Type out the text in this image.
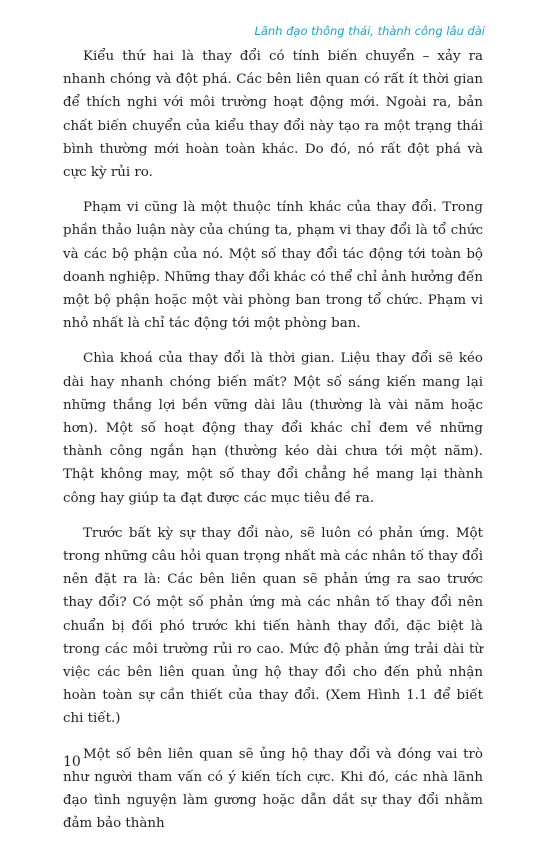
Lãnh đạo thông thái, thành công lâu dài

Kiểu thứ hai là thay đổi có tính biến chuyển – xảy ra nhanh chóng và đột phá. Các bên liên quan có rất ít thời gian để thích nghi với môi trường hoạt động mới. Ngoài ra, bản chất biến chuyển của kiểu thay đổi này tạo ra một trạng thái bình thường mới hoàn toàn khác. Do đó, nó rất đột phá và cực kỳ rủi ro.

Phạm vi cũng là một thuộc tính khác của thay đổi. Trong phần thảo luận này của chúng ta, phạm vi thay đổi là tổ chức và các bộ phận của nó. Một số thay đổi tác động tới toàn bộ doanh nghiệp. Những thay đổi khác có thể chỉ ảnh hưởng đến một bộ phận hoặc một vài phòng ban trong tổ chức. Phạm vi nhỏ nhất là chỉ tác động tới một phòng ban.

Chìa khoá của thay đổi là thời gian. Liệu thay đổi sẽ kéo dài hay nhanh chóng biến mất? Một số sáng kiến mang lại những thắng lợi bền vững dài lâu (thường là vài năm hoặc hơn). Một số hoạt động thay đổi khác chỉ đem về những thành công ngắn hạn (thường kéo dài chưa tới một năm). Thật không may, một số thay đổi chẳng hề mang lại thành công hay giúp ta đạt được các mục tiêu đề ra.

Trước bất kỳ sự thay đổi nào, sẽ luôn có phản ứng. Một trong những câu hỏi quan trọng nhất mà các nhân tố thay đổi nên đặt ra là: Các bên liên quan sẽ phản ứng ra sao trước thay đổi? Có một số phản ứng mà các nhân tố thay đổi nên chuẩn bị đối phó trước khi tiến hành thay đổi, đặc biệt là trong các môi trường rủi ro cao. Mức độ phản ứng trải dài từ việc các bên liên quan ủng hộ thay đổi cho đến phủ nhận hoàn toàn sự cần thiết của thay đổi. (Xem Hình 1.1 để biết chi tiết.)

Một số bên liên quan sẽ ủng hộ thay đổi và đóng vai trò như người tham vấn có ý kiến tích cực. Khi đó, các nhà lãnh đạo tình nguyện làm gương hoặc dẫn dắt sự thay đổi nhằm đảm bảo thành

10
